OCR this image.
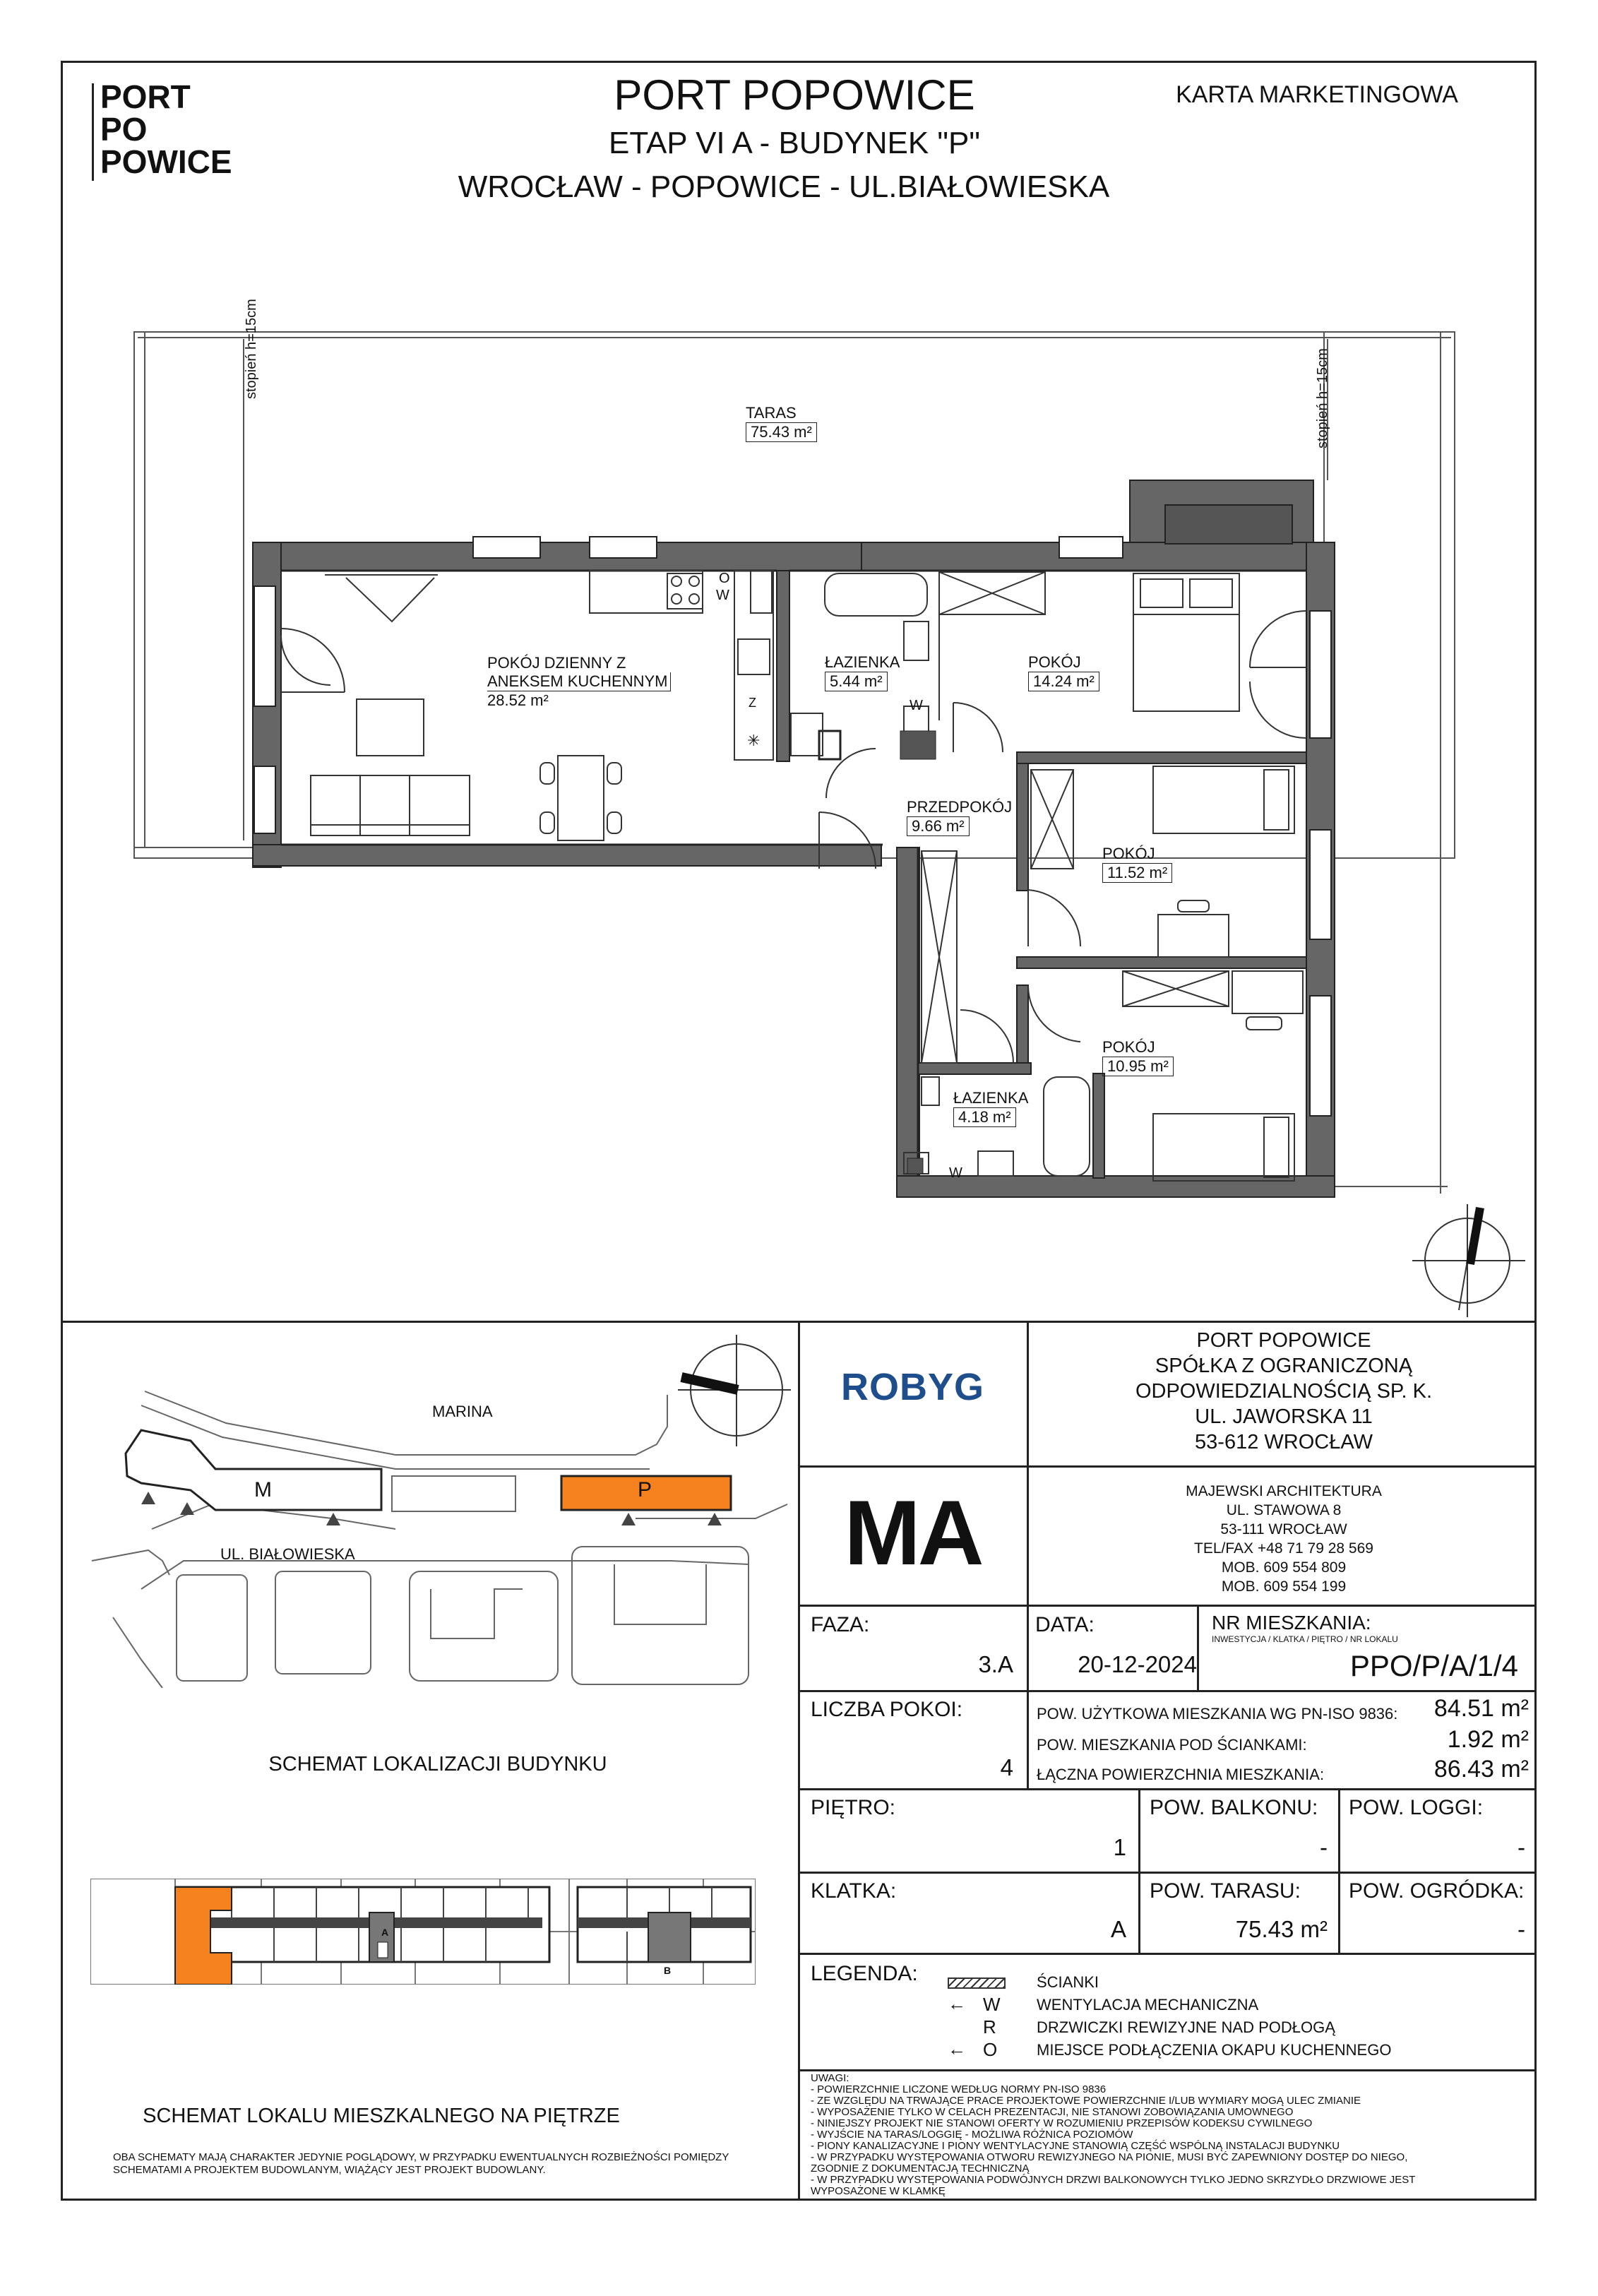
PORT
PO
POWICE
PORT POPOWICE
ETAP VI A - BUDYNEK "P"
WROCŁAW - POPOWICE - UL.BIAŁOWIESKA
KARTA MARKETINGOWA
stopień h=15cm	stopień h=15cm
TARAS
75.43 m²
POKÓJ DZIENNY Z
ANEKSEM KUCHENNYM
28.52 m²
ŁAZIENKA
5.44 m²
POKÓJ
14.24 m²
PRZEDPOKÓJ
9.66 m²
POKÓJ
11.52 m²
POKÓJ
10.95 m²
ŁAZIENKA
4.18 m²
O
W
Z
✳
W
W
MARINA
UL. BIAŁOWIESKA
M	P
SCHEMAT LOKALIZACJI BUDYNKU
A
B
SCHEMAT LOKALU MIESZKALNEGO NA PIĘTRZE
OBA SCHEMATY MAJĄ CHARAKTER JEDYNIE POGLĄDOWY, W PRZYPADKU EWENTUALNYCH ROZBIEŻNOŚCI POMIĘDZY
SCHEMATAMI A PROJEKTEM BUDOWLANYM, WIĄŻĄCY JEST PROJEKT BUDOWLANY.
ROBYG
PORT POPOWICE
SPÓŁKA Z OGRANICZONĄ
ODPOWIEDZIALNOŚCIĄ SP. K.
UL. JAWORSKA 11
53-612 WROCŁAW
MA	MAJEWSKI ARCHITEKTURA
UL. STAWOWA 8
53-111 WROCŁAW
TEL/FAX +48 71 79 28 569
MOB. 609 554 809
MOB. 609 554 199
FAZA:
3.A
DATA:
20-12-2024
NR MIESZKANIA:
INWESTYCJA / KLATKA / PIĘTRO / NR LOKALU
PPO/P/A/1/4
LICZBA POKOI:
4
POW. UŻYTKOWA MIESZKANIA WG PN-ISO 9836:	84.51 m²
POW. MIESZKANIA POD ŚCIANKAMI:	1.92 m²
ŁĄCZNA POWIERZCHNIA MIESZKANIA:	86.43 m²
PIĘTRO:
1
POW. BALKONU:
-
POW. LOGGI:
-
KLATKA:
A
POW. TARASU:
75.43 m²
POW. OGRÓDKA:
-
LEGENDA:	ŚCIANKI
← W WENTYLACJA MECHANICZNA
R	DRZWICZKI REWIZYJNE NAD PODŁOGĄ
← O	MIEJSCE PODŁĄCZENIA OKAPU KUCHENNEGO
UWAGI:
- POWIERZCHNIE LICZONE WEDŁUG NORMY PN-ISO 9836
- ZE WZGLĘDU NA TRWAJĄCE PRACE PROJEKTOWE POWIERZCHNIE I/LUB WYMIARY MOGĄ ULEC ZMIANIE
- WYPOSAŻENIE TYLKO W CELACH PREZENTACJI, NIE STANOWI ZOBOWIĄZANIA UMOWNEGO
- NINIEJSZY PROJEKT NIE STANOWI OFERTY W ROZUMIENIU PRZEPISÓW KODEKSU CYWILNEGO
- WYJŚCIE NA TARAS/LOGGIĘ - MOŻLIWA RÓŻNICA POZIOMÓW
- PIONY KANALIZACYJNE I PIONY WENTYLACYJNE STANOWIĄ CZĘŚĆ WSPÓLNĄ INSTALACJI BUDYNKU
- W PRZYPADKU WYSTĘPOWANIA OTWORU REWIZYJNEGO NA PIONIE, MUSI BYĆ ZAPEWNIONY DOSTĘP DO NIEGO,
ZGODNIE Z DOKUMENTACJĄ TECHNICZNĄ
- W PRZYPADKU WYSTĘPOWANIA PODWÓJNYCH DRZWI BALKONOWYCH TYLKO JEDNO SKRZYDŁO DRZWIOWE JEST
WYPOSAŻONE W KLAMKĘ
